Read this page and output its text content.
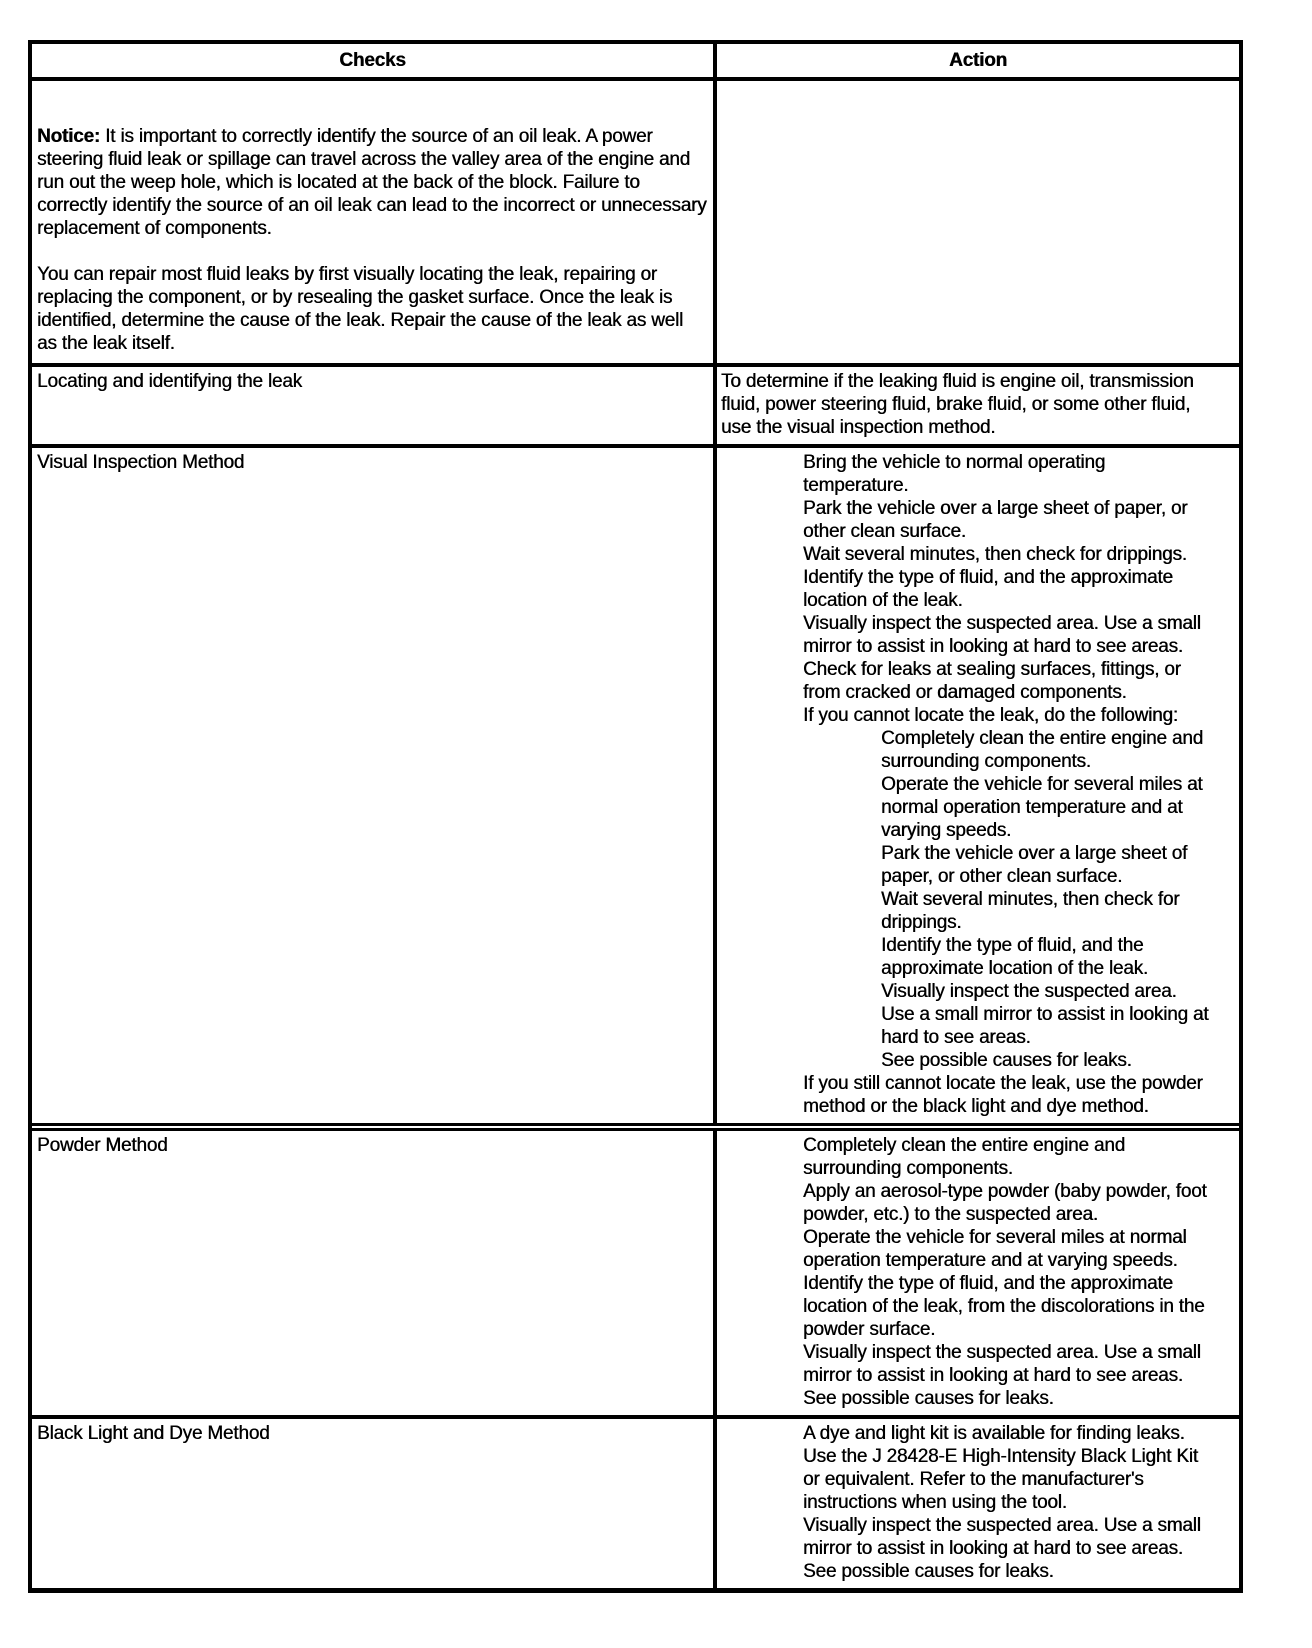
Checks	Action

Notice: It is important to correctly identify the source of an oil leak. A power steering fluid leak or spillage can travel across the valley area of the engine and run out the weep hole, which is located at the back of the block. Failure to correctly identify the source of an oil leak can lead to the incorrect or unnecessary replacement of components.

You can repair most fluid leaks by first visually locating the leak, repairing or replacing the component, or by resealing the gasket surface. Once the leak is identified, determine the cause of the leak. Repair the cause of the leak as well as the leak itself.

Locating and identifying the leak	To determine if the leaking fluid is engine oil, transmission
fluid, power steering fluid, brake fluid, or some other fluid,
use the visual inspection method.
Visual Inspection Method	Bring the vehicle to normal operating
temperature.
Park the vehicle over a large sheet of paper, or
other clean surface.
Wait several minutes, then check for drippings.
Identify the type of fluid, and the approximate
location of the leak.
Visually inspect the suspected area. Use a small
mirror to assist in looking at hard to see areas.
Check for leaks at sealing surfaces, fittings, or
from cracked or damaged components.
If you cannot locate the leak, do the following:
Completely clean the entire engine and
surrounding components.
Operate the vehicle for several miles at
normal operation temperature and at
varying speeds.
Park the vehicle over a large sheet of
paper, or other clean surface.
Wait several minutes, then check for
drippings.
Identify the type of fluid, and the
approximate location of the leak.
Visually inspect the suspected area.
Use a small mirror to assist in looking at
hard to see areas.
See possible causes for leaks.
If you still cannot locate the leak, use the powder
method or the black light and dye method.
Powder Method	Completely clean the entire engine and
surrounding components.
Apply an aerosol-type powder (baby powder, foot
powder, etc.) to the suspected area.
Operate the vehicle for several miles at normal
operation temperature and at varying speeds.
Identify the type of fluid, and the approximate
location of the leak, from the discolorations in the
powder surface.
Visually inspect the suspected area. Use a small
mirror to assist in looking at hard to see areas.
See possible causes for leaks.
Black Light and Dye Method	A dye and light kit is available for finding leaks.
Use the J 28428-E High-Intensity Black Light Kit
or equivalent. Refer to the manufacturer's
instructions when using the tool.
Visually inspect the suspected area. Use a small
mirror to assist in looking at hard to see areas.
See possible causes for leaks.
